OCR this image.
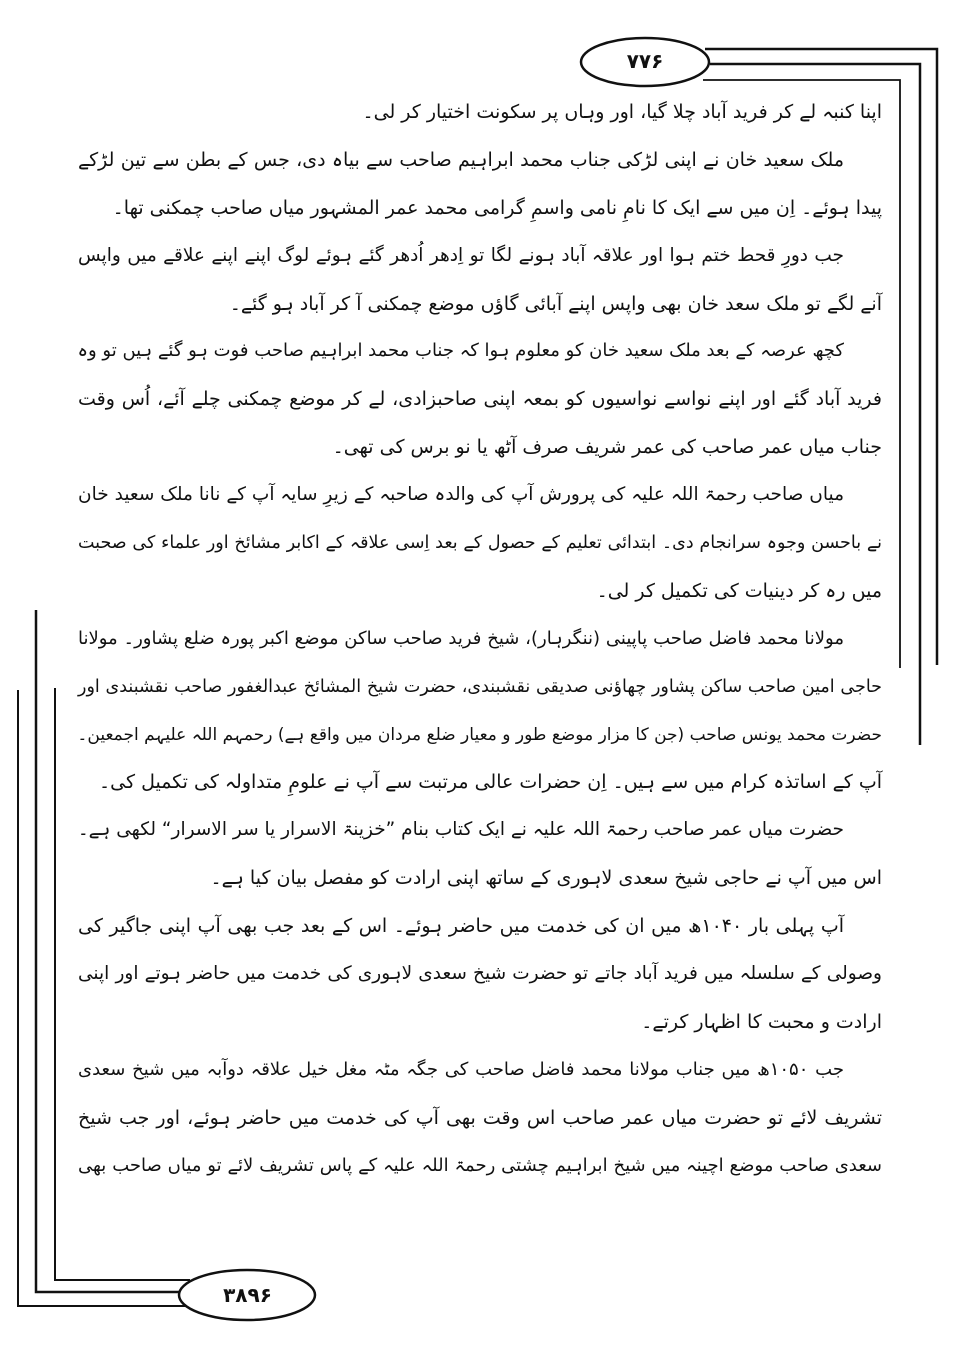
۷۷۶
۳۸۹۶
اپنا کنبہ لے کر فرید آباد چلا گیا، اور وہاں پر سکونت اختیار کر لی۔
ملک سعید خان نے اپنی لڑکی جناب محمد ابراہیم صاحب سے بیاہ دی، جس کے بطن سے تین لڑکے
پیدا ہوئے۔ اِن میں سے ایک کا نامِ نامی واسمِ گرامی محمد عمر المشہور میاں صاحب چمکنی تھا۔
جب دورِ قحط ختم ہوا اور علاقہ آباد ہونے لگا تو اِدھر اُدھر گئے ہوئے لوگ اپنے اپنے علاقے میں واپس
آنے لگے تو ملک سعد خان بھی واپس اپنے آبائی گاؤں موضع چمکنی آ کر آباد ہو گئے۔
کچھ عرصہ کے بعد ملک سعید خان کو معلوم ہوا کہ جناب محمد ابراہیم صاحب فوت ہو گئے ہیں تو وہ
فرید آباد گئے اور اپنے نواسے نواسیوں کو بمعہ اپنی صاحبزادی، لے کر موضع چمکنی چلے آئے، اُس وقت
جناب میاں عمر صاحب کی عمر شریف صرف آٹھ یا نو برس کی تھی۔
میاں صاحب رحمۃ اللہ علیہ کی پرورش آپ کی والدہ صاحبہ کے زیرِ سایہ آپ کے نانا ملک سعید خان
نے باحسن وجوہ سرانجام دی۔ ابتدائی تعلیم کے حصول کے بعد اِسی علاقہ کے اکابر مشائخ اور علماء کی صحبت
میں رہ کر دینیات کی تکمیل کر لی۔
مولانا محمد فاضل صاحب پاپینی (ننگرہار)، شیخ فرید صاحب ساکن موضع اکبر پورہ ضلع پشاور۔ مولانا
حاجی امین صاحب ساکن پشاور چھاؤنی صدیقی نقشبندی، حضرت شیخ المشائخ عبدالغفور صاحب نقشبندی اور
حضرت محمد یونس صاحب (جن کا مزار موضع طور و معیار ضلع مردان میں واقع ہے) رحمہم اللہ علیہم اجمعین۔
آپ کے اساتذہ کرام میں سے ہیں۔ اِن حضرات عالی مرتبت سے آپ نے علومِ متداولہ کی تکمیل کی۔
حضرت میاں عمر صاحب رحمۃ اللہ علیہ نے ایک کتاب بنام ”خزینۃ الاسرار یا سر الاسرار“ لکھی ہے۔
اس میں آپ نے حاجی شیخ سعدی لاہوری کے ساتھ اپنی ارادت کو مفصل بیان کیا ہے۔
آپ پہلی بار ۱۰۴۰ھ میں ان کی خدمت میں حاضر ہوئے۔ اس کے بعد جب بھی آپ اپنی جاگیر کی
وصولی کے سلسلہ میں فرید آباد جاتے تو حضرت شیخ سعدی لاہوری کی خدمت میں حاضر ہوتے اور اپنی
ارادت و محبت کا اظہار کرتے۔
جب ۱۰۵۰ھ میں جناب مولانا محمد فاضل صاحب کی جگہ مٹہ مغل خیل علاقہ دوآبہ میں شیخ سعدی
تشریف لائے تو حضرت میاں عمر صاحب اس وقت بھی آپ کی خدمت میں حاضر ہوئے، اور جب شیخ
سعدی صاحب موضع اچینہ میں شیخ ابراہیم چشتی رحمۃ اللہ علیہ کے پاس تشریف لائے تو میاں صاحب بھی
